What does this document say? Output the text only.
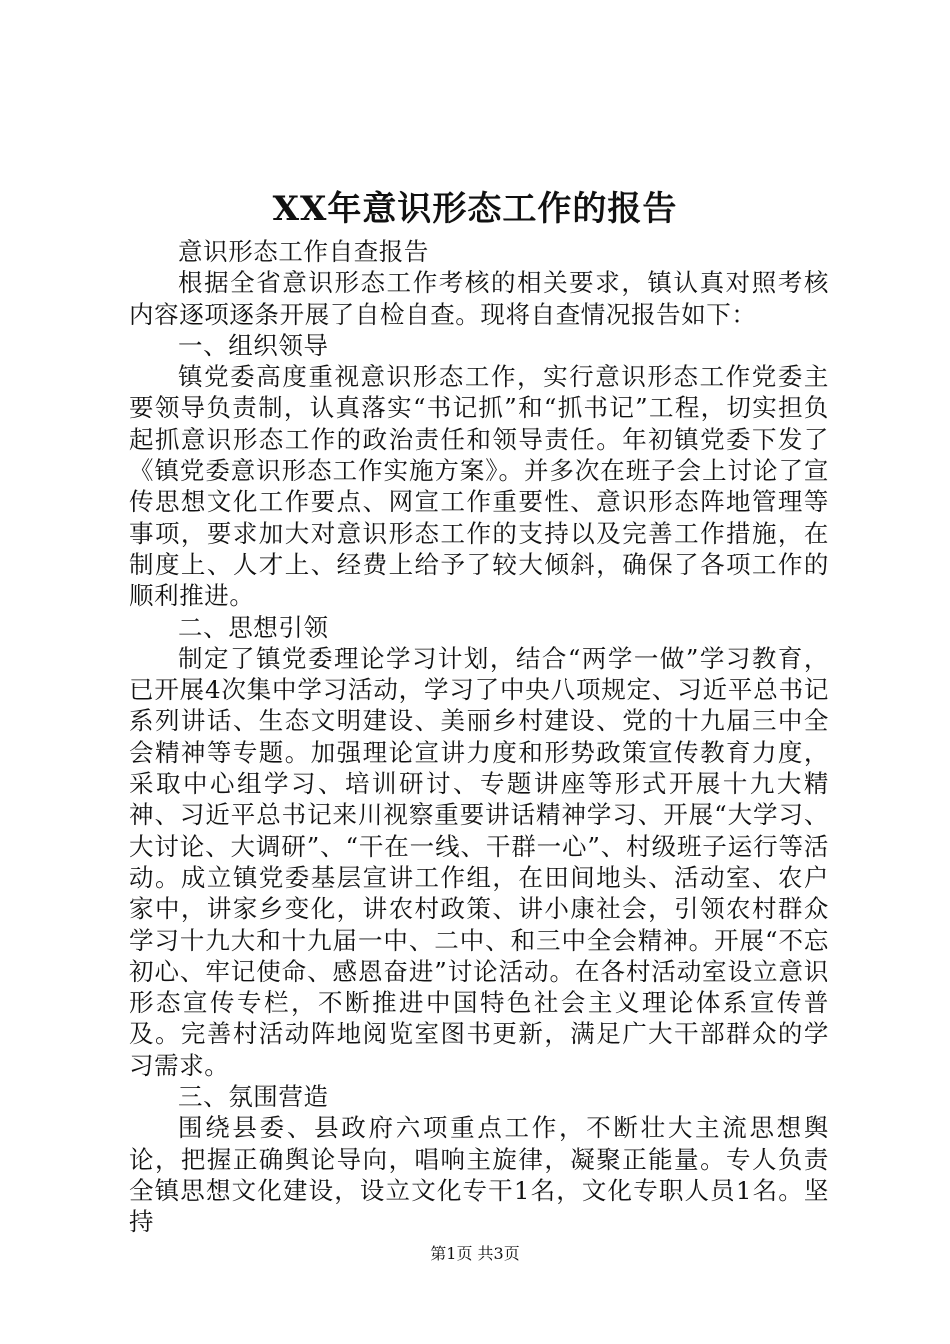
XX年意识形态工作的报告

意识形态工作自查报告

根据全省意识形态工作考核的相关要求，镇认真对照考核内容逐项逐条开展了自检自查。现将自查情况报告如下：

一、组织领导

镇党委高度重视意识形态工作，实行意识形态工作党委主要领导负责制，认真落实“书记抓”和“抓书记”工程，切实担负起抓意识形态工作的政治责任和领导责任。年初镇党委下发了《镇党委意识形态工作实施方案》。并多次在班子会上讨论了宣传思想文化工作要点、网宣工作重要性、意识形态阵地管理等事项，要求加大对意识形态工作的支持以及完善工作措施，在制度上、人才上、经费上给予了较大倾斜，确保了各项工作的顺利推进。

二、思想引领

制定了镇党委理论学习计划，结合“两学一做”学习教育，已开展4次集中学习活动，学习了中央八项规定、习近平总书记系列讲话、生态文明建设、美丽乡村建设、党的十九届三中全会精神等专题。加强理论宣讲力度和形势政策宣传教育力度，采取中心组学习、培训研讨、专题讲座等形式开展十九大精神、习近平总书记来川视察重要讲话精神学习、开展“大学习、大讨论、大调研”、“干在一线、干群一心”、村级班子运行等活动。成立镇党委基层宣讲工作组，在田间地头、活动室、农户家中，讲家乡变化，讲农村政策、讲小康社会，引领农村群众学习十九大和十九届一中、二中、和三中全会精神。开展“不忘初心、牢记使命、感恩奋进”讨论活动。在各村活动室设立意识形态宣传专栏，不断推进中国特色社会主义理论体系宣传普及。完善村活动阵地阅览室图书更新，满足广大干部群众的学习需求。

三、氛围营造

围绕县委、县政府六项重点工作，不断壮大主流思想舆论，把握正确舆论导向，唱响主旋律，凝聚正能量。专人负责全镇思想文化建设，设立文化专干1名，文化专职人员1名。坚持

第1页 共3页
